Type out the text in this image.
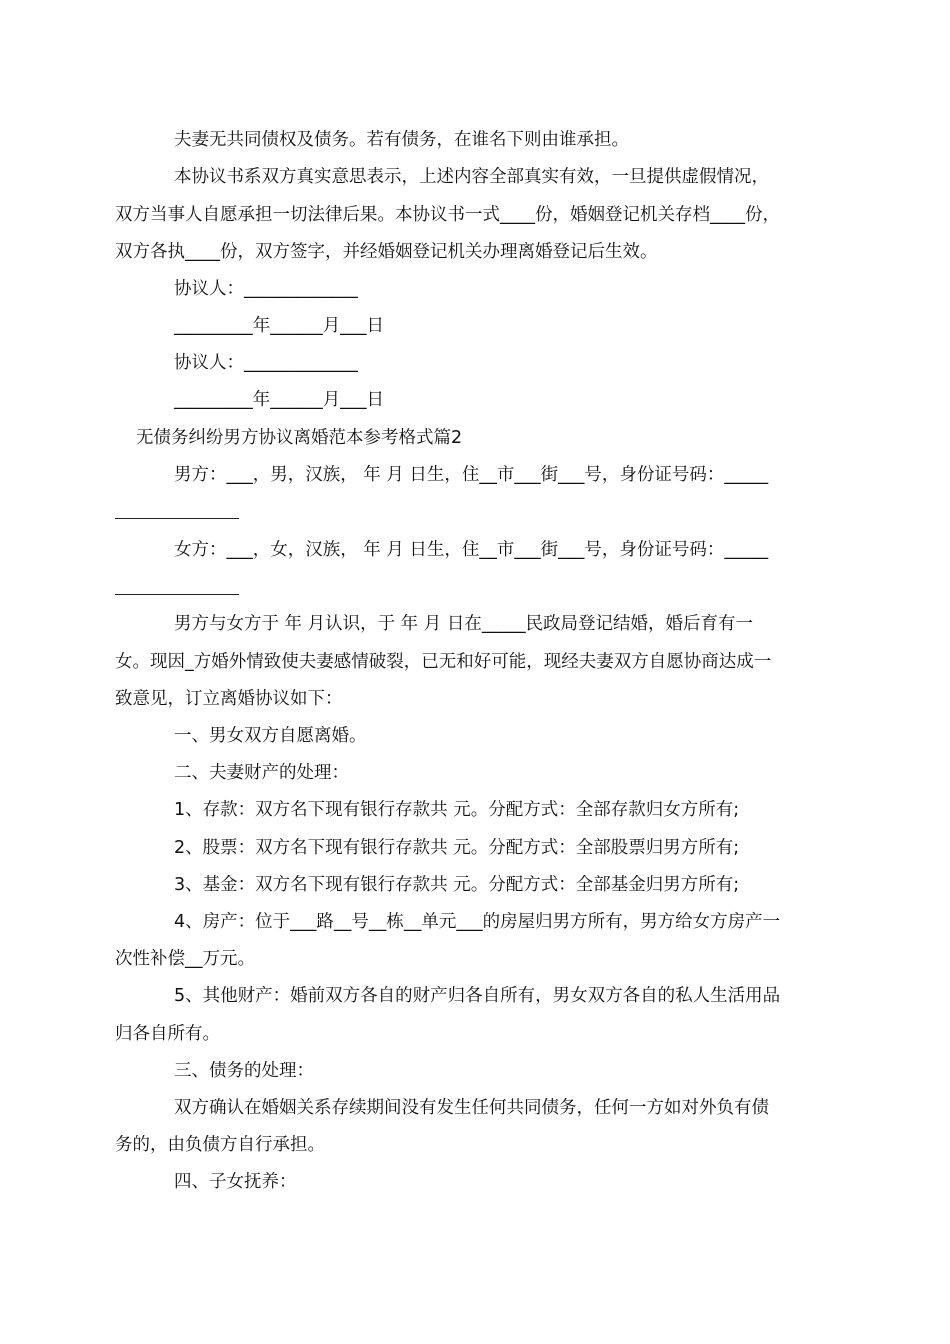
夫妻无共同债权及债务。若有债务，在谁名下则由谁承担。
本协议书系双方真实意思表示，上述内容全部真实有效，一旦提供虚假情况，
双方当事人自愿承担一切法律后果。本协议书一式____份，婚姻登记机关存档____份，
双方各执____份，双方签字，并经婚姻登记机关办理离婚登记后生效。
协议人：_____________
_________年______月___日
协议人：_____________
_________年______月___日
无债务纠纷男方协议离婚范本参考格式篇2
男方：___，男，汉族， 年 月 日生，住__市___街___号，身份证号码：_____
女方：___，女，汉族， 年 月 日生，住__市___街___号，身份证号码：_____
男方与女方于 年 月认识，于 年 月 日在_____民政局登记结婚，婚后育有一
女。现因_方婚外情致使夫妻感情破裂，已无和好可能，现经夫妻双方自愿协商达成一
致意见，订立离婚协议如下：
一、男女双方自愿离婚。
二、夫妻财产的处理：
1、存款：双方名下现有银行存款共 元。分配方式：全部存款归女方所有;
2、股票：双方名下现有银行存款共 元。分配方式：全部股票归男方所有;
3、基金：双方名下现有银行存款共 元。分配方式：全部基金归男方所有;
4、房产：位于___路__号__栋__单元___的房屋归男方所有，男方给女方房产一
次性补偿__万元。
5、其他财产：婚前双方各自的财产归各自所有，男女双方各自的私人生活用品
归各自所有。
三、债务的处理：
双方确认在婚姻关系存续期间没有发生任何共同债务，任何一方如对外负有债
务的，由负债方自行承担。
四、子女抚养：
